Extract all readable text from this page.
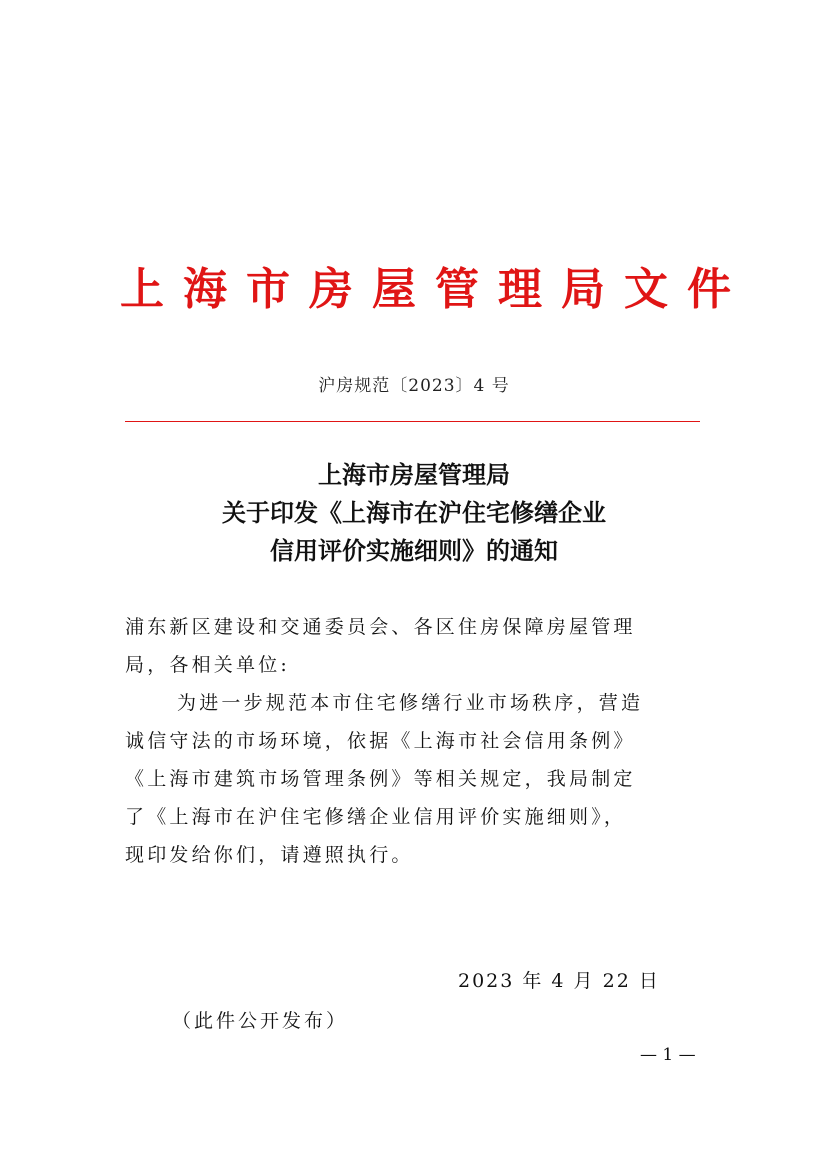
上海市房屋管理局文件
沪房规范〔2023〕4 号
上海市房屋管理局
关于印发《上海市在沪住宅修缮企业
信用评价实施细则》的通知
浦东新区建设和交通委员会、各区住房保障房屋管理
局，各相关单位:
为进一步规范本市住宅修缮行业市场秩序，营造
诚信守法的市场环境，依据《上海市社会信用条例》
《上海市建筑市场管理条例》等相关规定，我局制定
了《上海市在沪住宅修缮企业信用评价实施细则》，
现印发给你们，请遵照执行。
2023 年 4 月 22 日
（此件公开发布）
— 1 —
